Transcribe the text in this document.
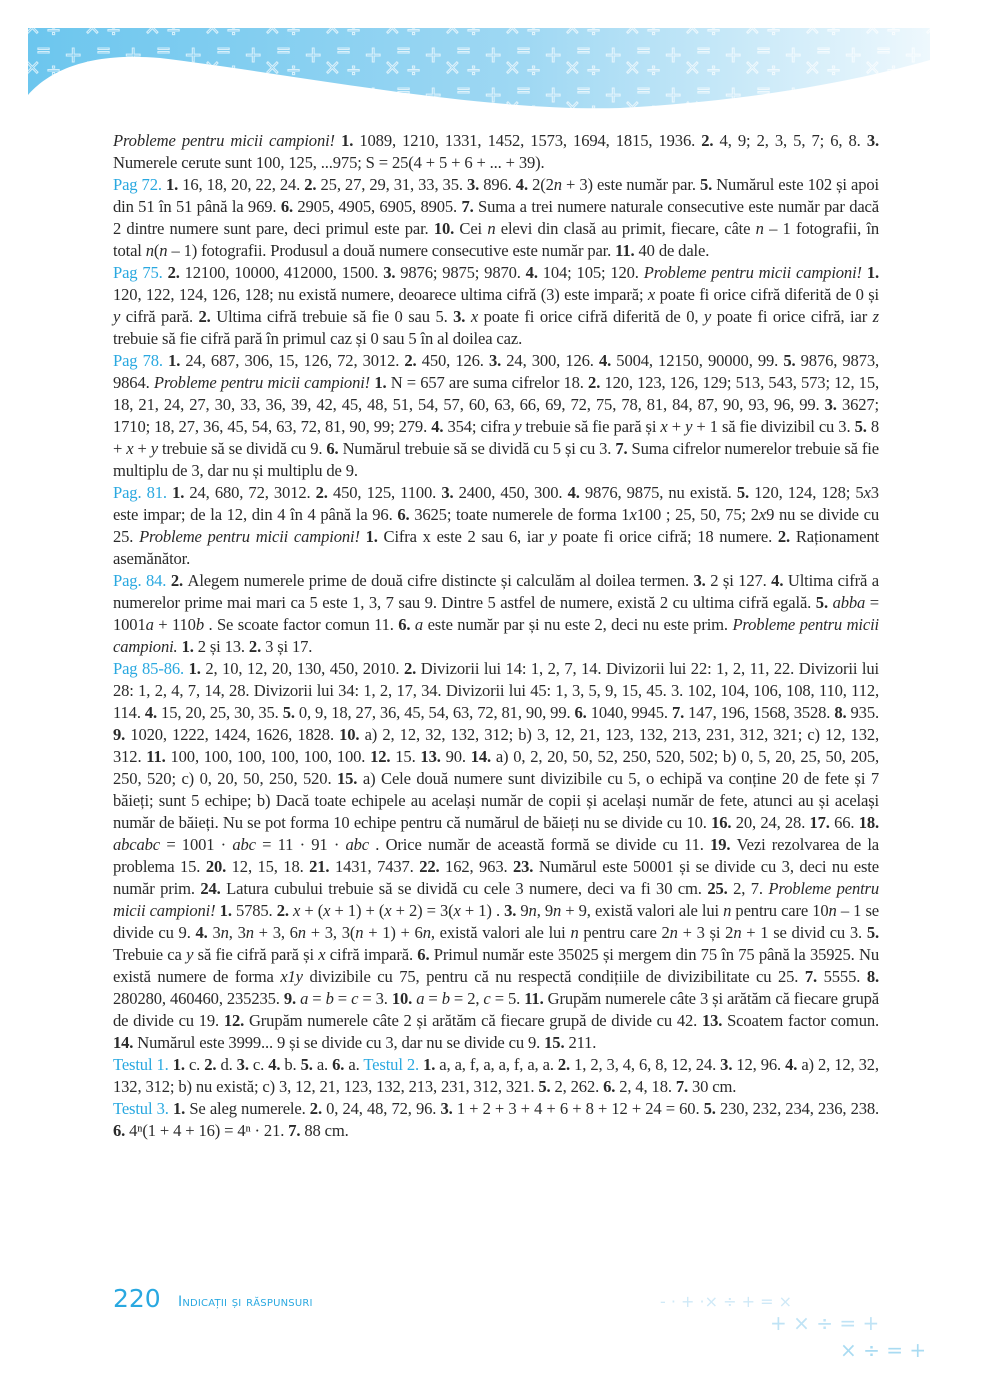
Probleme pentru micii campioni! 1. 1089, 1210, 1331, 1452, 1573, 1694, 1815, 1936. 2. 4, 9; 2, 3, 5, 7; 6, 8. 3. Numerele cerute sunt 100, 125, ...975; S = 25(4 + 5 + 6 + ... + 39).

Pag 72. 1. 16, 18, 20, 22, 24. 2. 25, 27, 29, 31, 33, 35. 3. 896. 4. 2(2n + 3) este număr par. 5. Numărul este 102 și apoi din 51 în 51 până la 969. 6. 2905, 4905, 6905, 8905. 7. Suma a trei numere naturale consecutive este număr par dacă 2 dintre numere sunt pare, deci primul este par. 10. Cei n elevi din clasă au primit, fiecare, câte n – 1 fotografii, în total n(n – 1) fotografii. Produsul a două numere consecutive este număr par. 11. 40 de dale.

Pag 75. 2. 12100, 10000, 412000, 1500. 3. 9876; 9875; 9870. 4. 104; 105; 120. Probleme pentru micii campioni! 1. 120, 122, 124, 126, 128; nu există numere, deoarece ultima cifră (3) este impară; x poate fi orice cifră diferită de 0 și y cifră pară. 2. Ultima cifră trebuie să fie 0 sau 5. 3. x poate fi orice cifră diferită de 0, y poate fi orice cifră, iar z trebuie să fie cifră pară în primul caz și 0 sau 5 în al doilea caz.

Pag 78. 1. 24, 687, 306, 15, 126, 72, 3012. 2. 450, 126. 3. 24, 300, 126. 4. 5004, 12150, 90000, 99. 5. 9876, 9873, 9864. Probleme pentru micii campioni! 1. N = 657 are suma cifrelor 18. 2. 120, 123, 126, 129; 513, 543, 573; 12, 15, 18, 21, 24, 27, 30, 33, 36, 39, 42, 45, 48, 51, 54, 57, 60, 63, 66, 69, 72, 75, 78, 81, 84, 87, 90, 93, 96, 99. 3. 3627; 1710; 18, 27, 36, 45, 54, 63, 72, 81, 90, 99; 279. 4. 354; cifra y trebuie să fie pară și x + y + 1 să fie divizibil cu 3. 5. 8 + x + y trebuie să se dividă cu 9. 6. Numărul trebuie să se dividă cu 5 și cu 3. 7. Suma cifrelor numerelor trebuie să fie multiplu de 3, dar nu și multiplu de 9.

Pag. 81. 1. 24, 680, 72, 3012. 2. 450, 125, 1100. 3. 2400, 450, 300. 4. 9876, 9875, nu există. 5. 120, 124, 128; 5x3 este impar; de la 12, din 4 în 4 până la 96. 6. 3625; toate numerele de forma 1x100 ; 25, 50, 75; 2x9 nu se divide cu 25. Probleme pentru micii campioni! 1. Cifra x este 2 sau 6, iar y poate fi orice cifră; 18 numere. 2. Raționament asemănător.

Pag. 84. 2. Alegem numerele prime de două cifre distincte și calculăm al doilea termen. 3. 2 și 127. 4. Ultima cifră a numerelor prime mai mari ca 5 este 1, 3, 7 sau 9. Dintre 5 astfel de numere, există 2 cu ultima cifră egală. 5. abba = 1001a + 110b . Se scoate factor comun 11. 6. a este număr par și nu este 2, deci nu este prim. Probleme pentru micii campioni. 1. 2 și 13. 2. 3 și 17.

Pag 85-86. 1. 2, 10, 12, 20, 130, 450, 2010. 2. Divizorii lui 14: 1, 2, 7, 14. Divizorii lui 22: 1, 2, 11, 22. Divizorii lui 28: 1, 2, 4, 7, 14, 28. Divizorii lui 34: 1, 2, 17, 34. Divizorii lui 45: 1, 3, 5, 9, 15, 45. 3. 102, 104, 106, 108, 110, 112, 114. 4. 15, 20, 25, 30, 35. 5. 0, 9, 18, 27, 36, 45, 54, 63, 72, 81, 90, 99. 6. 1040, 9945. 7. 147, 196, 1568, 3528. 8. 935. 9. 1020, 1222, 1424, 1626, 1828. 10. a) 2, 12, 32, 132, 312; b) 3, 12, 21, 123, 132, 213, 231, 312, 321; c) 12, 132, 312. 11. 100, 100, 100, 100, 100, 100. 12. 15. 13. 90. 14. a) 0, 2, 20, 50, 52, 250, 520, 502; b) 0, 5, 20, 25, 50, 205, 250, 520; c) 0, 20, 50, 250, 520. 15. a) Cele două numere sunt divizibile cu 5, o echipă va conține 20 de fete și 7 băieți; sunt 5 echipe; b) Dacă toate echipele au același număr de copii și același număr de fete, atunci au și același număr de băieți. Nu se pot forma 10 echipe pentru că numărul de băieți nu se divide cu 10. 16. 20, 24, 28. 17. 66. 18. abcabc = 1001 · abc = 11 · 91 · abc . Orice număr de această formă se divide cu 11. 19. Vezi rezolvarea de la problema 15. 20. 12, 15, 18. 21. 1431, 7437. 22. 162, 963. 23. Numărul este 50001 și se divide cu 3, deci nu este număr prim. 24. Latura cubului trebuie să se dividă cu cele 3 numere, deci va fi 30 cm. 25. 2, 7. Probleme pentru micii campioni! 1. 5785. 2. x + (x + 1) + (x + 2) = 3(x + 1) . 3. 9n, 9n + 9, există valori ale lui n pentru care 10n – 1 se divide cu 9. 4. 3n, 3n + 3, 6n + 3, 3(n + 1) + 6n, există valori ale lui n pentru care 2n + 3 și 2n + 1 se divid cu 3. 5. Trebuie ca y să fie cifră pară și x cifră impară. 6. Primul număr este 35025 și mergem din 75 în 75 până la 35925. Nu există numere de forma x1y divizibile cu 75, pentru că nu respectă condițiile de divizibilitate cu 25. 7. 5555. 8. 280280, 460460, 235235. 9. a = b = c = 3. 10. a = b = 2, c = 5. 11. Grupăm numerele câte 3 și arătăm că fiecare grupă de divide cu 19. 12. Grupăm numerele câte 2 și arătăm că fiecare grupă de divide cu 42. 13. Scoatem factor comun. 14. Numărul este 3999... 9 și se divide cu 3, dar nu se divide cu 9. 15. 211.

Testul 1. 1. c. 2. d. 3. c. 4. b. 5. a. 6. a. Testul 2. 1. a, a, f, a, a, f, a, a. 2. 1, 2, 3, 4, 6, 8, 12, 24. 3. 12, 96. 4. a) 2, 12, 32, 132, 312; b) nu există; c) 3, 12, 21, 123, 132, 213, 231, 312, 321. 5. 2, 262. 6. 2, 4, 18. 7. 30 cm.

Testul 3. 1. Se aleg numerele. 2. 0, 24, 48, 72, 96. 3. 1 + 2 + 3 + 4 + 6 + 8 + 12 + 24 = 60. 5. 230, 232, 234, 236, 238. 6. 4ⁿ(1 + 4 + 16) = 4ⁿ · 21. 7. 88 cm.

- · + ·× ÷ + = ×
+ × ÷ = +
× ÷ = +
220 Indicații și răspunsuri
